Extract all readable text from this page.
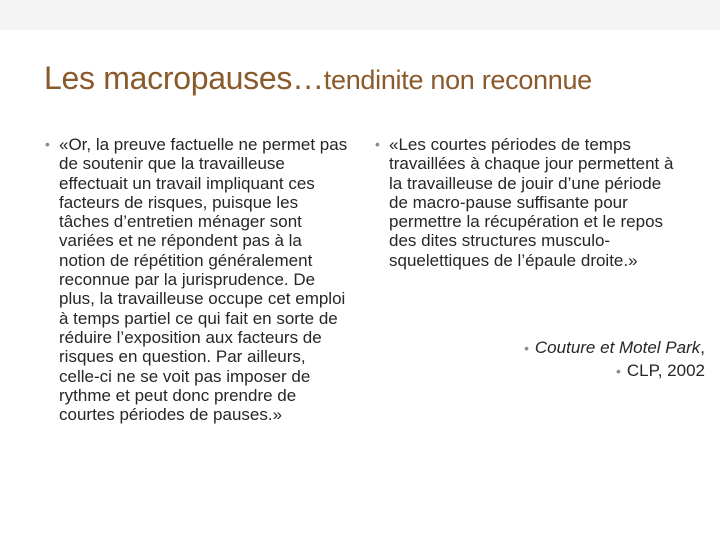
Les macropauses…tendinite non reconnue
• «Or, la preuve factuelle ne permet pas de soutenir que la travailleuse effectuait un travail impliquant ces facteurs de risques, puisque les tâches d’entretien ménager sont variées et ne répondent pas à la notion de répétition généralement reconnue par la jurisprudence. De plus, la travailleuse occupe cet emploi à temps partiel ce qui fait en sorte de réduire l’exposition aux facteurs de risques en question. Par ailleurs, celle-ci ne se voit pas imposer de rythme et peut donc prendre de courtes périodes de pauses.»
• «Les courtes périodes de temps travaillées à chaque jour permettent à la travailleuse de jouir d’une période de macro-pause suffisante pour permettre la récupération et le repos des dites structures musculo-squelettiques de l’épaule droite.»
• Couture et Motel Park,
• CLP, 2002
